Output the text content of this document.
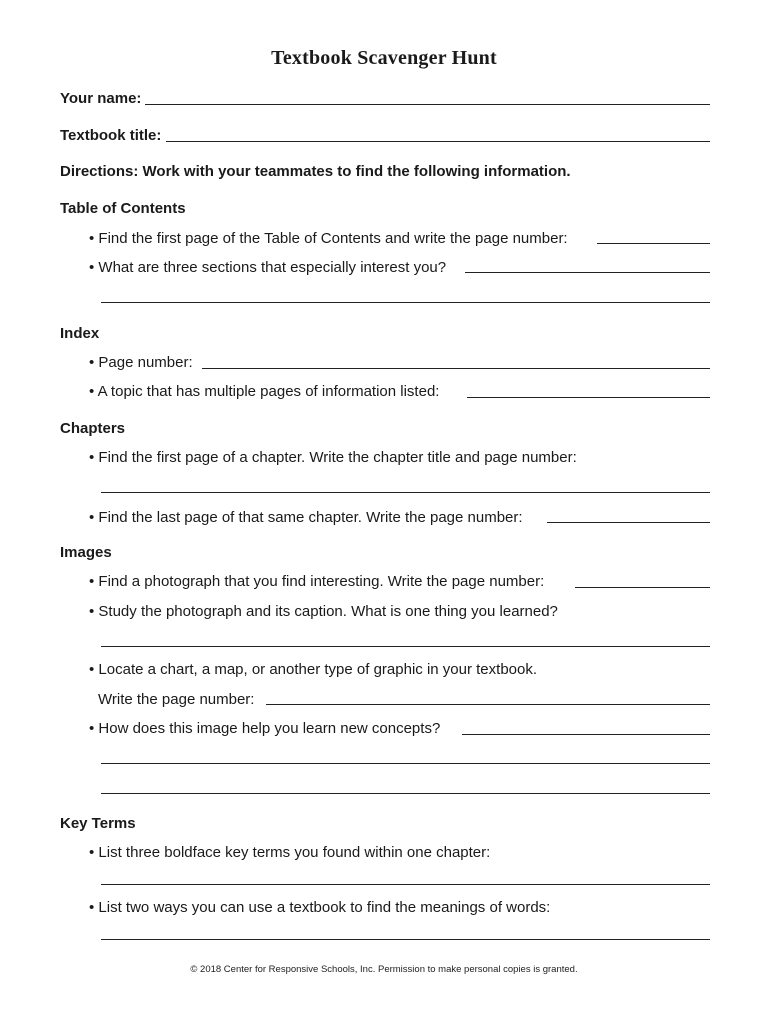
Textbook Scavenger Hunt
Your name:
Textbook title:
Directions: Work with your teammates to find the following information.
Table of Contents
• Find the first page of the Table of Contents and write the page number:
• What are three sections that especially interest you?
Index
• Page number:
• A topic that has multiple pages of information listed:
Chapters
• Find the first page of a chapter. Write the chapter title and page number:
• Find the last page of that same chapter. Write the page number:
Images
• Find a photograph that you find interesting. Write the page number:
• Study the photograph and its caption. What is one thing you learned?
• Locate a chart, a map, or another type of graphic in your textbook.
Write the page number:
• How does this image help you learn new concepts?
Key Terms
• List three boldface key terms you found within one chapter:
• List two ways you can use a textbook to find the meanings of words:
© 2018 Center for Responsive Schools, Inc. Permission to make personal copies is granted.
